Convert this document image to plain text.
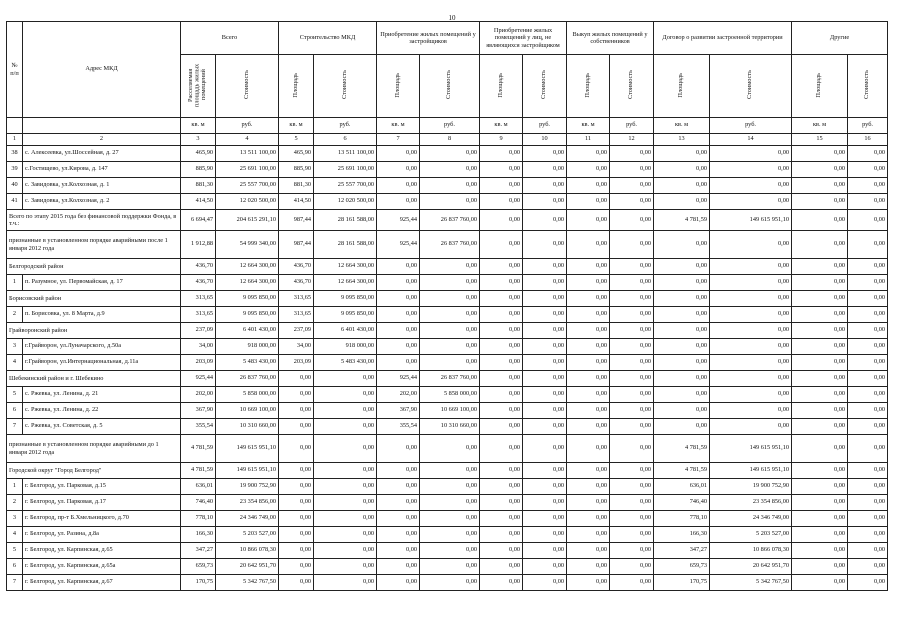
10
№ п/п	Адрес МКД	Всего		Строительство МКД		Приобретение жилых помещений у застройщиков		Приобретение жилых помещений у лиц, не являющихся застройщиком		Выкуп жилых помещений у собственников		Договор о развитии застроенной территории		Другие	
		Расселяемая площадь жилых помещений	Стоимость	Площадь	Стоимость	Площадь	Стоимость	Площадь	Стоимость	Площадь	Стоимость	Площадь	Стоимость	Площадь	Стоимость
		кв. м	руб.	кв. м	руб.	кв. м	руб.	кв. м	руб.	кв. м	руб.	кв. м	руб.	кв. м	руб.
1	2	3	4	5	6	7	8	9	10	11	12	13	14	15	16
38	с. Алексеевка, ул.Шоссейная, д. 27	465,90	13 511 100,00	465,90	13 511 100,00	0,00	0,00	0,00	0,00	0,00	0,00	0,00	0,00	0,00	0,00
39	с.Гостищево, ул.Кирова, д. 147	885,90	25 691 100,00	885,90	25 691 100,00	0,00	0,00	0,00	0,00	0,00	0,00	0,00	0,00	0,00	0,00
40	с. Завидовка, ул.Колхозная, д. 1	881,30	25 557 700,00	881,30	25 557 700,00	0,00	0,00	0,00	0,00	0,00	0,00	0,00	0,00	0,00	0,00
41	с. Завидовка, ул.Колхозная, д. 2	414,50	12 020 500,00	414,50	12 020 500,00	0,00	0,00	0,00	0,00	0,00	0,00	0,00	0,00	0,00	0,00
Всего по этапу 2015 года без финансовой поддержки Фонда, в т.ч.:		6 694,47	204 615 291,10	987,44	28 161 588,00	925,44	26 837 760,00	0,00	0,00	0,00	0,00	4 781,59	149 615 951,10	0,00	0,00
признанные в установленном порядке аварийными после 1 января 2012 года		1 912,88	54 999 340,00	987,44	28 161 588,00	925,44	26 837 760,00	0,00	0,00	0,00	0,00	0,00	0,00	0,00	0,00
Белгородский район		436,70	12 664 300,00	436,70	12 664 300,00	0,00	0,00	0,00	0,00	0,00	0,00	0,00	0,00	0,00	0,00
1	п. Разумное, ул. Первомайская, д. 17	436,70	12 664 300,00	436,70	12 664 300,00	0,00	0,00	0,00	0,00	0,00	0,00	0,00	0,00	0,00	0,00
Борисовский район		313,65	9 095 850,00	313,65	9 095 850,00	0,00	0,00	0,00	0,00	0,00	0,00	0,00	0,00	0,00	0,00
2	п. Борисовка, ул. 8 Марта, д.9	313,65	9 095 850,00	313,65	9 095 850,00	0,00	0,00	0,00	0,00	0,00	0,00	0,00	0,00	0,00	0,00
Грайворонский район		237,09	6 401 430,00	237,09	6 401 430,00	0,00	0,00	0,00	0,00	0,00	0,00	0,00	0,00	0,00	0,00
3	г.Грайворон, ул.Луначарского, д.50а	34,00	918 000,00	34,00	918 000,00	0,00	0,00	0,00	0,00	0,00	0,00	0,00	0,00	0,00	0,00
4	г.Грайворон, ул.Интернациональная, д.11а	203,09	5 483 430,00	203,09	5 483 430,00	0,00	0,00	0,00	0,00	0,00	0,00	0,00	0,00	0,00	0,00
Шебекинский район и г. Шебекино		925,44	26 837 760,00	0,00	0,00	925,44	26 837 760,00	0,00	0,00	0,00	0,00	0,00	0,00	0,00	0,00
5	с. Ржевка, ул. Ленина, д. 21	202,00	5 858 000,00	0,00	0,00	202,00	5 858 000,00	0,00	0,00	0,00	0,00	0,00	0,00	0,00	0,00
6	с. Ржевка, ул. Ленина, д. 22	367,90	10 669 100,00	0,00	0,00	367,90	10 669 100,00	0,00	0,00	0,00	0,00	0,00	0,00	0,00	0,00
7	с. Ржевка, ул. Советская, д. 5	355,54	10 310 660,00	0,00	0,00	355,54	10 310 660,00	0,00	0,00	0,00	0,00	0,00	0,00	0,00	0,00
признанные в установленном порядке аварийными до 1 января 2012 года		4 781,59	149 615 951,10	0,00	0,00	0,00	0,00	0,00	0,00	0,00	0,00	4 781,59	149 615 951,10	0,00	0,00
Городской округ "Город Белгород"		4 781,59	149 615 951,10	0,00	0,00	0,00	0,00	0,00	0,00	0,00	0,00	4 781,59	149 615 951,10	0,00	0,00
1	г. Белгород, ул. Парковая, д.15	636,01	19 900 752,90	0,00	0,00	0,00	0,00	0,00	0,00	0,00	0,00	636,01	19 900 752,90	0,00	0,00
2	г. Белгород, ул. Парковая, д.17	746,40	23 354 856,00	0,00	0,00	0,00	0,00	0,00	0,00	0,00	0,00	746,40	23 354 856,00	0,00	0,00
3	г. Белгород, пр-т Б.Хмельницкого, д.70	778,10	24 346 749,00	0,00	0,00	0,00	0,00	0,00	0,00	0,00	0,00	778,10	24 346 749,00	0,00	0,00
4	г. Белгород, ул. Разина, д.8а	166,30	5 203 527,00	0,00	0,00	0,00	0,00	0,00	0,00	0,00	0,00	166,30	5 203 527,00	0,00	0,00
5	г. Белгород, ул. Карпинская, д.65	347,27	10 866 078,30	0,00	0,00	0,00	0,00	0,00	0,00	0,00	0,00	347,27	10 866 078,30	0,00	0,00
6	г. Белгород, ул. Карпинская, д.65а	659,73	20 642 951,70	0,00	0,00	0,00	0,00	0,00	0,00	0,00	0,00	659,73	20 642 951,70	0,00	0,00
7	г. Белгород, ул. Карпинская, д.67	170,75	5 342 767,50	0,00	0,00	0,00	0,00	0,00	0,00	0,00	0,00	170,75	5 342 767,50	0,00	0,00
